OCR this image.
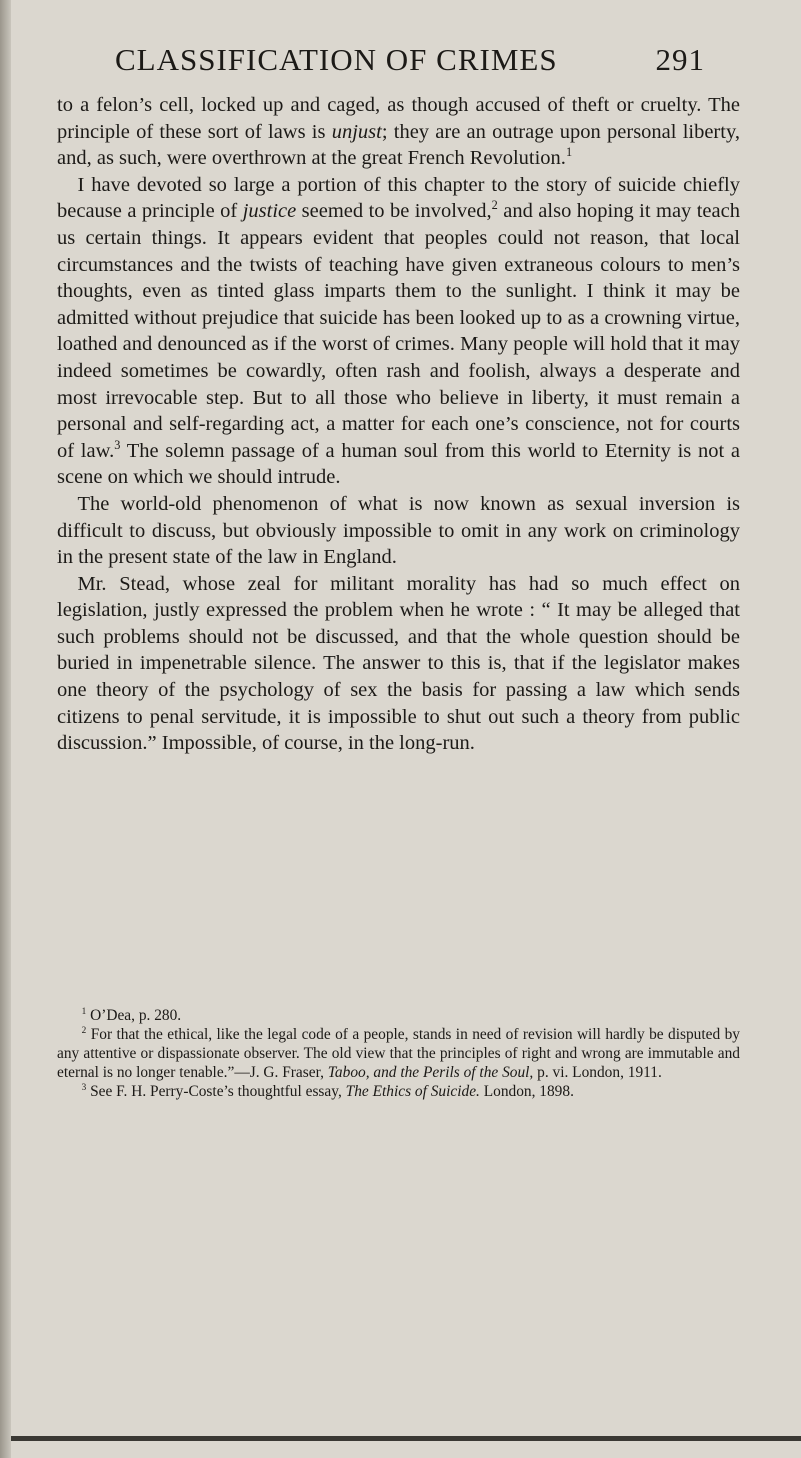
CLASSIFICATION OF CRIMES	291

to a felon’s cell, locked up and caged, as though accused of theft or cruelty. The principle of these sort of laws is unjust; they are an outrage upon personal liberty, and, as such, were overthrown at the great French Revolution.$^1$

I have devoted so large a portion of this chapter to the story of suicide chiefly because a principle of justice seemed to be involved,$^2$ and also hoping it may teach us certain things. It appears evident that peoples could not reason, that local circumstances and the twists of teaching have given extraneous colours to men’s thoughts, even as tinted glass imparts them to the sunlight. I think it may be admitted without prejudice that suicide has been looked up to as a crowning virtue, loathed and denounced as if the worst of crimes. Many people will hold that it may indeed sometimes be cowardly, often rash and foolish, always a desperate and most irrevocable step. But to all those who believe in liberty, it must remain a personal and self-regarding act, a matter for each one’s conscience, not for courts of law.$^3$ The solemn passage of a human soul from this world to Eternity is not a scene on which we should intrude.

The world-old phenomenon of what is now known as sexual inversion is difficult to discuss, but obviously impossible to omit in any work on criminology in the present state of the law in England.

Mr. Stead, whose zeal for militant morality has had so much effect on legislation, justly expressed the problem when he wrote : “ It may be alleged that such problems should not be discussed, and that the whole question should be buried in impenetrable silence. The answer to this is, that if the legislator makes one theory of the psychology of sex the basis for passing a law which sends citizens to penal servitude, it is impossible to shut out such a theory from public discussion.” Impossible, of course, in the long-run.

$^1$ O’Dea, p. 280.

$^2$ For that the ethical, like the legal code of a people, stands in need of revision will hardly be disputed by any attentive or dispassionate observer. The old view that the principles of right and wrong are immutable and eternal is no longer tenable.”—J. G. Fraser, Taboo, and the Perils of the Soul, p. vi. London, 1911.

$^3$ See F. H. Perry-Coste’s thoughtful essay, The Ethics of Suicide. London, 1898.
